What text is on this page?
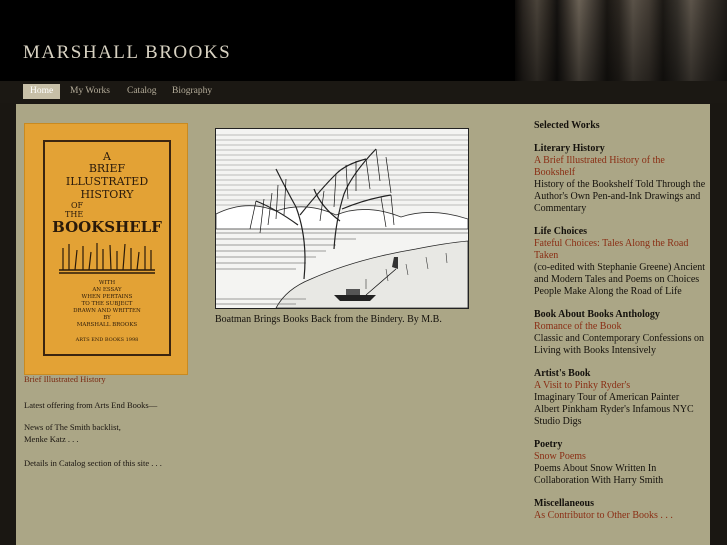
MARSHALL BROOKS
Home	My Works Catalog Biography
A
BRIEF
ILLUSTRATED
HISTORY
OF
THE
BOOKSHELF
WITH
AN ESSAY
WHEN PERTAINS
TO THE SUBJECT
DRAWN AND WRITTEN
BY
MARSHALL BROOKS
ARTS END BOOKS 1998
Brief Illustrated History
Latest offering from Arts End Books—
News of The Smith backlist,
Menke Katz . . .
Details in Catalog section of this site . . .
Boatman Brings Books Back from the Bindery. By M.B.
Selected Works
Literary History
A Brief Illustrated History of the Bookshelf
History of the Bookshelf Told Through the Author's Own Pen-and-Ink Drawings and Commentary
Life Choices
Fateful Choices: Tales Along the Road Taken
(co-edited with Stephanie Greene) Ancient and Modern Tales and Poems on Choices People Make Along the Road of Life
Book About Books Anthology
Romance of the Book
Classic and Contemporary Confessions on Living with Books Intensively
Artist's Book
A Visit to Pinky Ryder's
Imaginary Tour of American Painter Albert Pinkham Ryder's Infamous NYC Studio Digs
Poetry
Snow Poems
Poems About Snow Written In Collaboration With Harry Smith
Miscellaneous
As Contributor to Other Books . . .
